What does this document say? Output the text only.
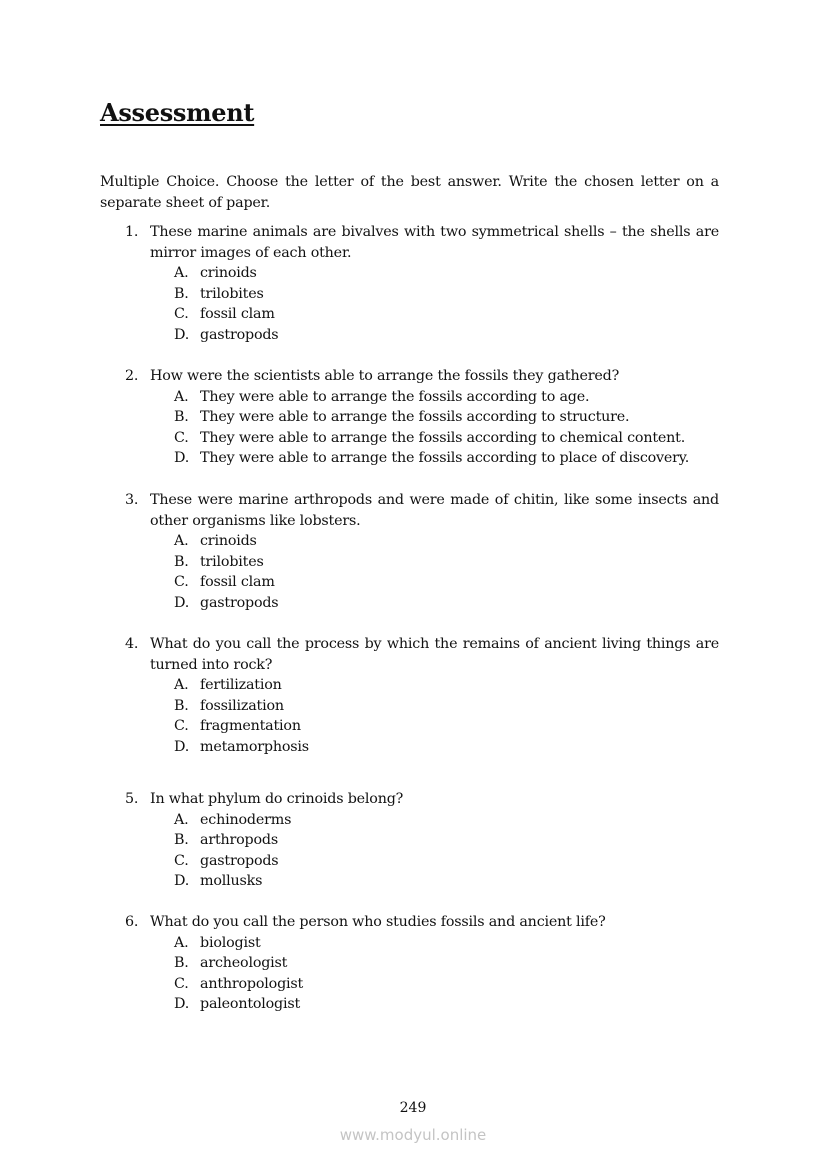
Assessment
Multiple Choice. Choose the letter of the best answer. Write the chosen letter on a separate sheet of paper.
1. These marine animals are bivalves with two symmetrical shells – the shells are mirror images of each other.
A. crinoids
B. trilobites
C. fossil clam
D. gastropods
2. How were the scientists able to arrange the fossils they gathered?
A. They were able to arrange the fossils according to age.
B. They were able to arrange the fossils according to structure.
C. They were able to arrange the fossils according to chemical content.
D. They were able to arrange the fossils according to place of discovery.
3. These were marine arthropods and were made of chitin, like some insects and other organisms like lobsters.
A. crinoids
B. trilobites
C. fossil clam
D. gastropods
4. What do you call the process by which the remains of ancient living things are turned into rock?
A. fertilization
B. fossilization
C. fragmentation
D. metamorphosis
5. In what phylum do crinoids belong?
A. echinoderms
B. arthropods
C. gastropods
D. mollusks
6. What do you call the person who studies fossils and ancient life?
A. biologist
B. archeologist
C. anthropologist
D. paleontologist
249
www.modyul.online
